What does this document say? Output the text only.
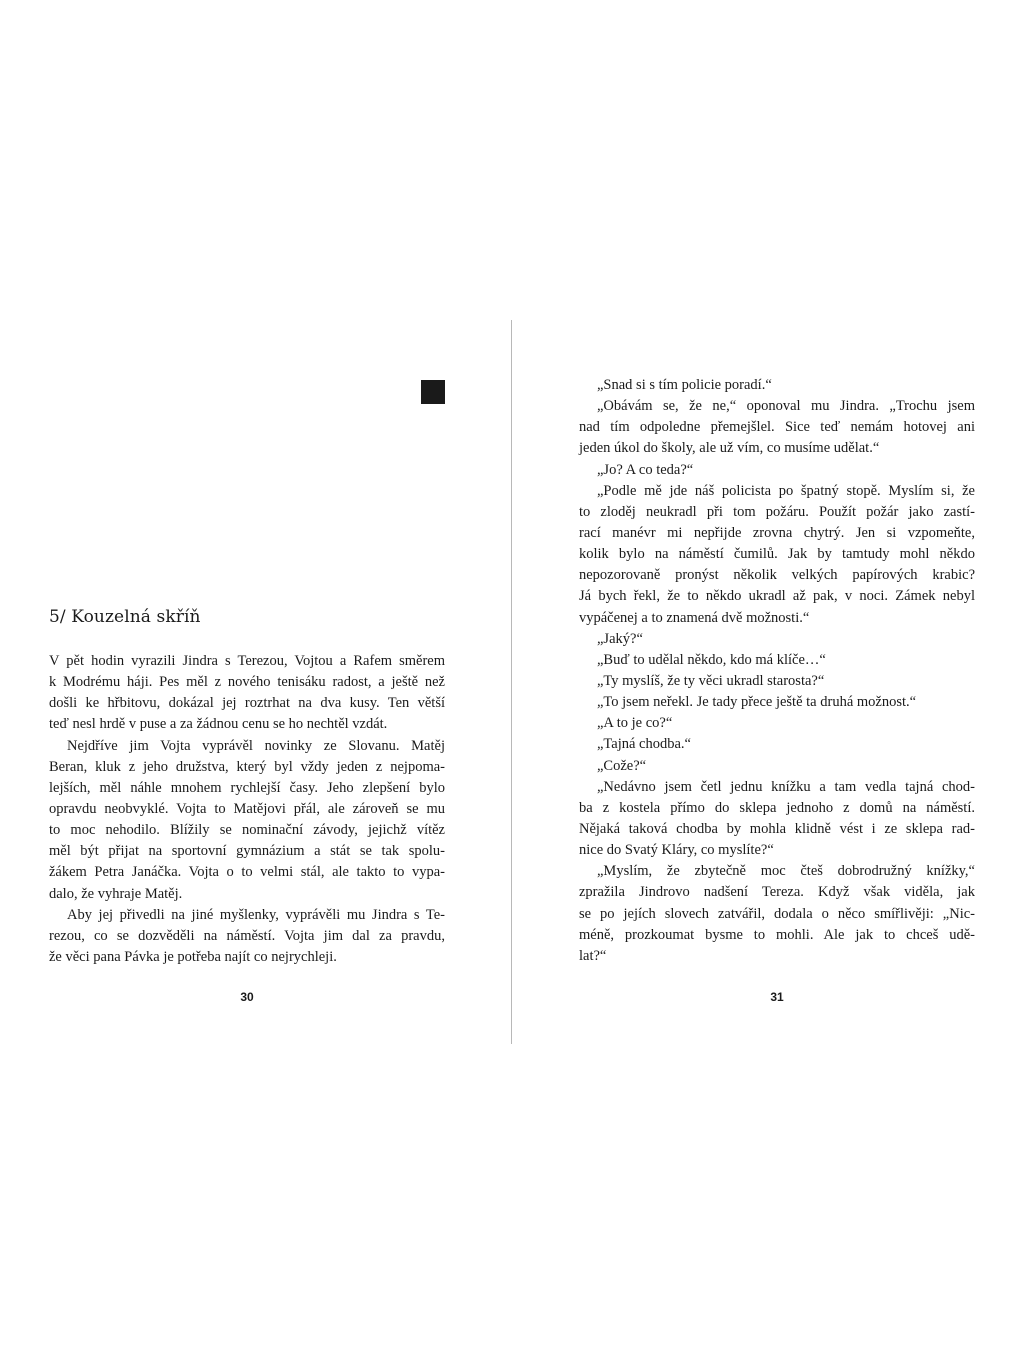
5/ Kouzelná skříň
V pět hodin vyrazili Jindra s Terezou, Vojtou a Rafem směrem
k Modrému háji. Pes měl z nového tenisáku radost, a ještě než
došli ke hřbitovu, dokázal jej roztrhat na dva kusy. Ten větší
teď nesl hrdě v puse a za žádnou cenu se ho nechtěl vzdát.
Nejdříve jim Vojta vyprávěl novinky ze Slovanu. Matěj
Beran, kluk z jeho družstva, který byl vždy jeden z nejpoma-
lejších, měl náhle mnohem rychlejší časy. Jeho zlepšení bylo
opravdu neobvyklé. Vojta to Matějovi přál, ale zároveň se mu
to moc nehodilo. Blížily se nominační závody, jejichž vítěz
měl být přijat na sportovní gymnázium a stát se tak spolu-
žákem Petra Janáčka. Vojta o to velmi stál, ale takto to vypa-
dalo, že vyhraje Matěj.
Aby jej přivedli na jiné myšlenky, vyprávěli mu Jindra s Te-
rezou, co se dozvěděli na náměstí. Vojta jim dal za pravdu,
že věci pana Pávka je potřeba najít co nejrychleji.
30
„Snad si s tím policie poradí.“
„Obávám se, že ne,“ oponoval mu Jindra. „Trochu jsem
nad tím odpoledne přemejšlel. Sice teď nemám hotovej ani
jeden úkol do školy, ale už vím, co musíme udělat.“
„Jo? A co teda?“
„Podle mě jde náš policista po špatný stopě. Myslím si, že
to zloděj neukradl při tom požáru. Použít požár jako zastí-
rací manévr mi nepřijde zrovna chytrý. Jen si vzpomeňte,
kolik bylo na náměstí čumilů. Jak by tamtudy mohl někdo
nepozorovaně pronýst několik velkých papírových krabic?
Já bych řekl, že to někdo ukradl až pak, v noci. Zámek nebyl
vypáčenej a to znamená dvě možnosti.“
„Jaký?“
„Buď to udělal někdo, kdo má klíče…“
„Ty myslíš, že ty věci ukradl starosta?“
„To jsem neřekl. Je tady přece ještě ta druhá možnost.“
„A to je co?“
„Tajná chodba.“
„Cože?“
„Nedávno jsem četl jednu knížku a tam vedla tajná chod-
ba z kostela přímo do sklepa jednoho z domů na náměstí.
Nějaká taková chodba by mohla klidně vést i ze sklepa rad-
nice do Svatý Kláry, co myslíte?“
„Myslím, že zbytečně moc čteš dobrodružný knížky,“
zpražila Jindrovo nadšení Tereza. Když však viděla, jak
se po jejích slovech zatvářil, dodala o něco smířlivěji: „Nic-
méně, prozkoumat bysme to mohli. Ale jak to chceš udě-
lat?“
31
